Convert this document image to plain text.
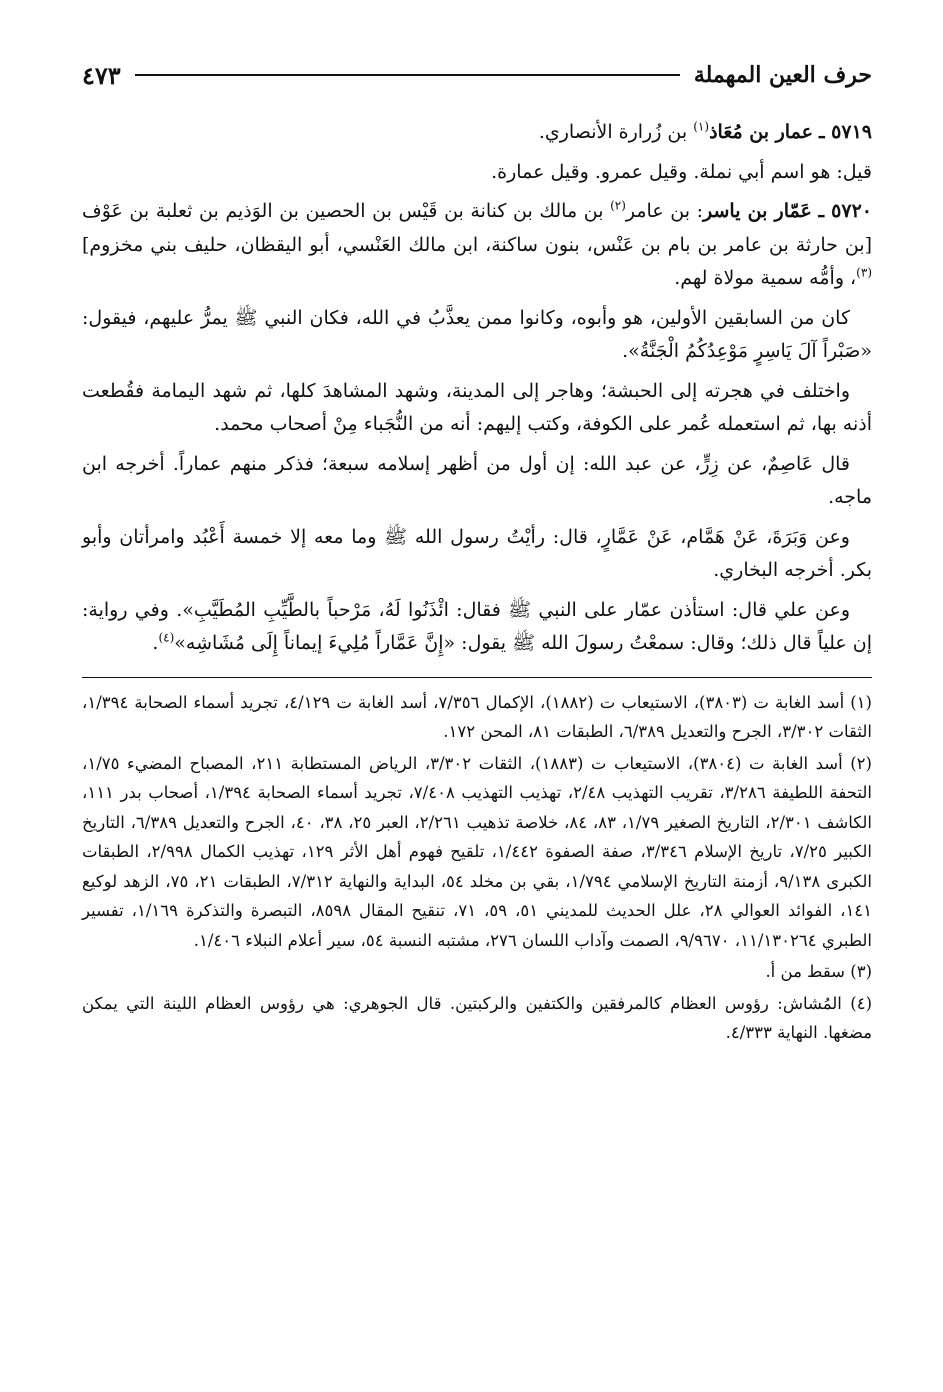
حرف العين المهملة
٤٧٣

٥٧١٩ ـ عمار بن مُعَاذ$^{(١)}$ بن زُرارة الأنصاري.

قيل: هو اسم أبي نملة. وقيل عمرو. وقيل عمارة.

٥٧٢٠ ـ عَمّار بن ياسر: بن عامر$^{(٢)}$ بن مالك بن كنانة بن قَيْس بن الحصين بن الوَذيم بن ثعلبة بن عَوْف [بن حارثة بن عامر بن بام بن عَنْس، بنون ساكنة، ابن مالك العَنْسي، أبو اليقظان، حليف بني مخزوم]$^{(٣)}$، وأمُّه سمية مولاة لهم.

كان من السابقين الأولين، هو وأبوه، وكانوا ممن يعذَّبُ في الله، فكان النبي ﷺ يمرُّ عليهم، فيقول: «صَبْراً آلَ يَاسِرٍ مَوْعِدُكُمُ الْجَنَّةُ».

واختلف في هجرته إلى الحبشة؛ وهاجر إلى المدينة، وشهد المشاهدَ كلها، ثم شهد اليمامة فقُطعت أذنه بها، ثم استعمله عُمر على الكوفة، وكتب إليهم: أنه من النُّجَباء مِنْ أصحاب محمد.

قال عَاصِمٌ، عن زِرٍّ، عن عبد الله: إن أول من أظهر إسلامه سبعة؛ فذكر منهم عماراً. أخرجه ابن ماجه.

وعن وَبَرَةَ، عَنْ هَمَّام، عَنْ عَمَّارٍ، قال: رأيْتُ رسول الله ﷺ وما معه إلا خمسة أَعْبُد وامرأتان وأبو بكر. أخرجه البخاري.

وعن علي قال: استأذن عمّار على النبي ﷺ فقال: ائْذَنُوا لَهُ، مَرْحباً بالطَّيِّبِ المُطَيَّبِ». وفي رواية: إن علياً قال ذلك؛ وقال: سمعْتُ رسولَ الله ﷺ يقول: «إِنَّ عَمَّاراً مُلِيءَ إيماناً إِلَى مُشَاشِه»$^{(٤)}$.

(١) أسد الغابة ت (٣٨٠٣)، الاستيعاب ت (١٨٨٢)، الإكمال ٧/٣٥٦، أسد الغابة ت ٤/١٢٩، تجريد أسماء الصحابة ١/٣٩٤، الثقات ٣/٣٠٢، الجرح والتعديل ٦/٣٨٩، الطبقات ٨١، المحن ١٧٢.

(٢) أسد الغابة ت (٣٨٠٤)، الاستيعاب ت (١٨٨٣)، الثقات ٣/٣٠٢، الرياض المستطابة ٢١١، المصباح المضيء ١/٧٥، التحفة اللطيفة ٣/٢٨٦، تقريب التهذيب ٢/٤٨، تهذيب التهذيب ٧/٤٠٨، تجريد أسماء الصحابة ١/٣٩٤، أصحاب بدر ١١١، الكاشف ٢/٣٠١، التاريخ الصغير ١/٧٩، ٨٣، ٨٤، خلاصة تذهيب ٢/٢٦١، العبر ٢٥، ٣٨، ٤٠، الجرح والتعديل ٦/٣٨٩، التاريخ الكبير ٧/٢٥، تاريخ الإسلام ٣/٣٤٦، صفة الصفوة ١/٤٤٢، تلقيح فهوم أهل الأثر ١٢٩، تهذيب الكمال ٢/٩٩٨، الطبقات الكبرى ٩/١٣٨، أزمنة التاريخ الإسلامي ١/٧٩٤، بقي بن مخلد ٥٤، البداية والنهاية ٧/٣١٢، الطبقات ٢١، ٧٥، الزهد لوكيع ١٤١، الفوائد العوالي ٢٨، علل الحديث للمديني ٥١، ٥٩، ٧١، تنقيح المقال ٨٥٩٨، التبصرة والتذكرة ١/١٦٩، تفسير الطبري ١١/١٣٠٢٦٤، ٩/٩٦٧٠، الصمت وآداب اللسان ٢٧٦، مشتبه النسبة ٥٤، سير أعلام النبلاء ١/٤٠٦.

(٣) سقط من أ.

(٤) المُشاش: رؤوس العظام كالمرفقين والكتفين والركبتين. قال الجوهري: هي رؤوس العظام اللينة التي يمكن مضغها. النهاية ٤/٣٣٣.
